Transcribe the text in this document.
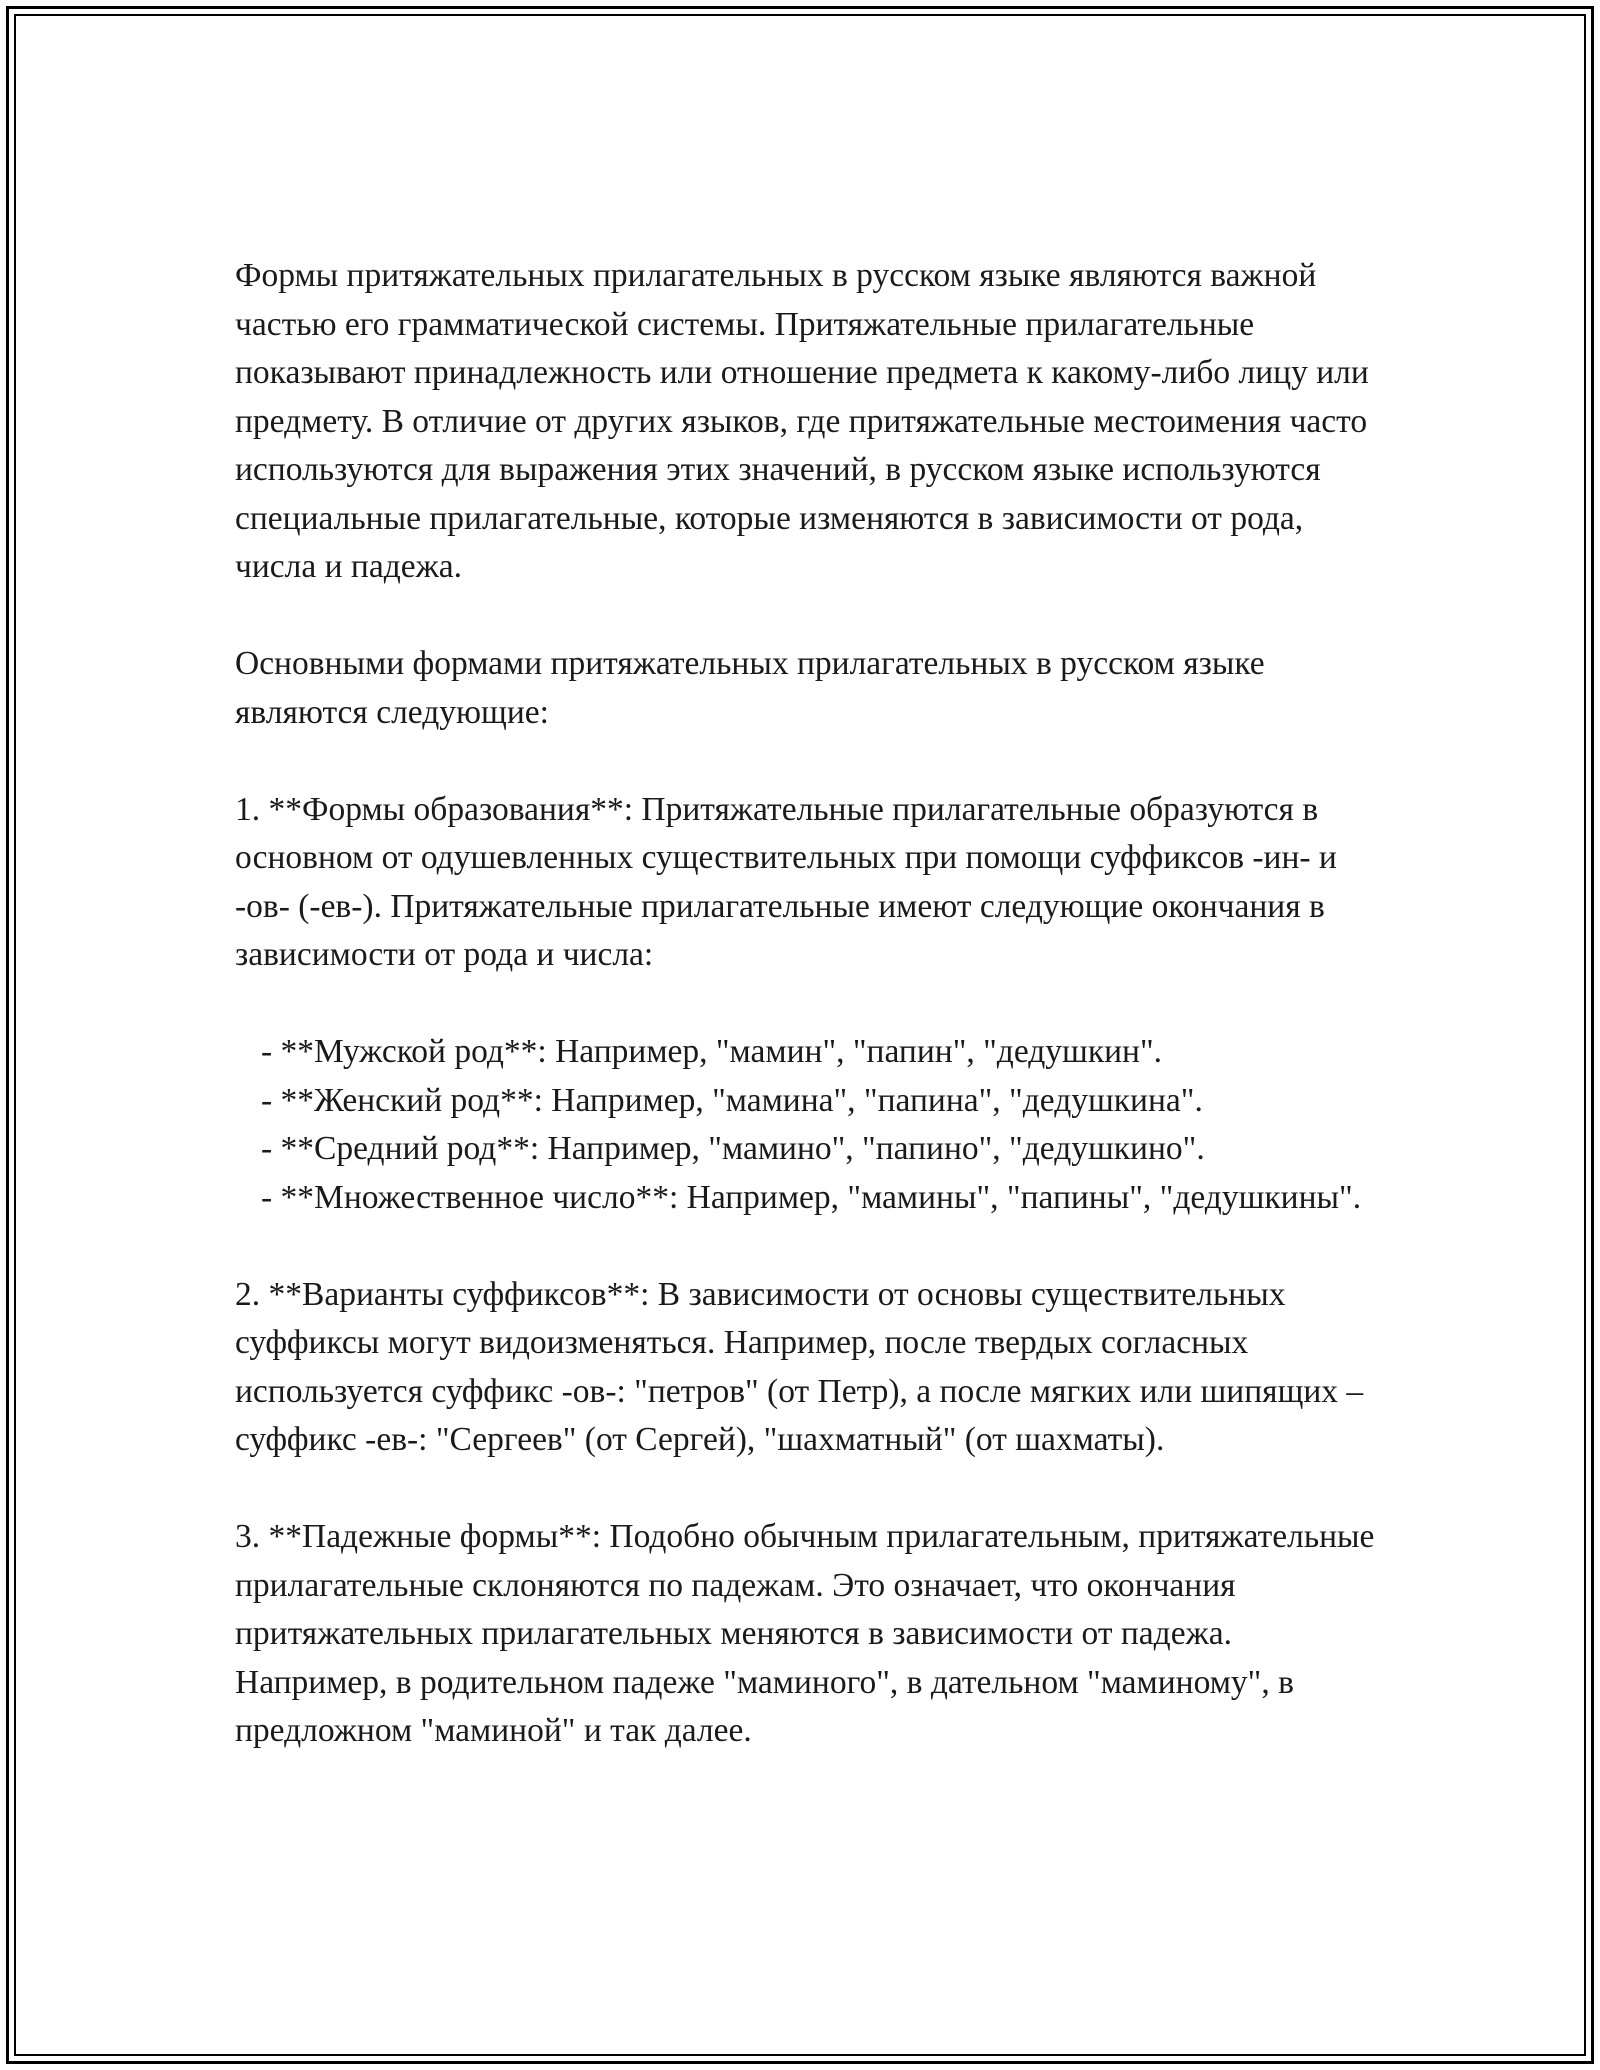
Формы притяжательных прилагательных в русском языке являются важной частью его грамматической системы. Притяжательные прилагательные показывают принадлежность или отношение предмета к какому-либо лицу или предмету. В отличие от других языков, где притяжательные местоимения часто используются для выражения этих значений, в русском языке используются специальные прилагательные, которые изменяются в зависимости от рода, числа и падежа.

Основными формами притяжательных прилагательных в русском языке являются следующие:

1. **Формы образования**: Притяжательные прилагательные образуются в основном от одушевленных существительных при помощи суффиксов -ин- и -ов- (-ев-). Притяжательные прилагательные имеют следующие окончания в зависимости от рода и числа:

- **Мужской род**: Например, "мамин", "папин", "дедушкин".

- **Женский род**: Например, "мамина", "папина", "дедушкина".

- **Средний род**: Например, "мамино", "папино", "дедушкино".

- **Множественное число**: Например, "мамины", "папины", "дедушкины".

2. **Варианты суффиксов**: В зависимости от основы существительных суффиксы могут видоизменяться. Например, после твердых согласных используется суффикс -ов-: "петров" (от Петр), а после мягких или шипящих – суффикс -ев-: "Сергеев" (от Сергей), "шахматный" (от шахматы).

3. **Падежные формы**: Подобно обычным прилагательным, притяжательные прилагательные склоняются по падежам. Это означает, что окончания притяжательных прилагательных меняются в зависимости от падежа. Например, в родительном падеже "маминого", в дательном "маминому", в предложном "маминой" и так далее.
